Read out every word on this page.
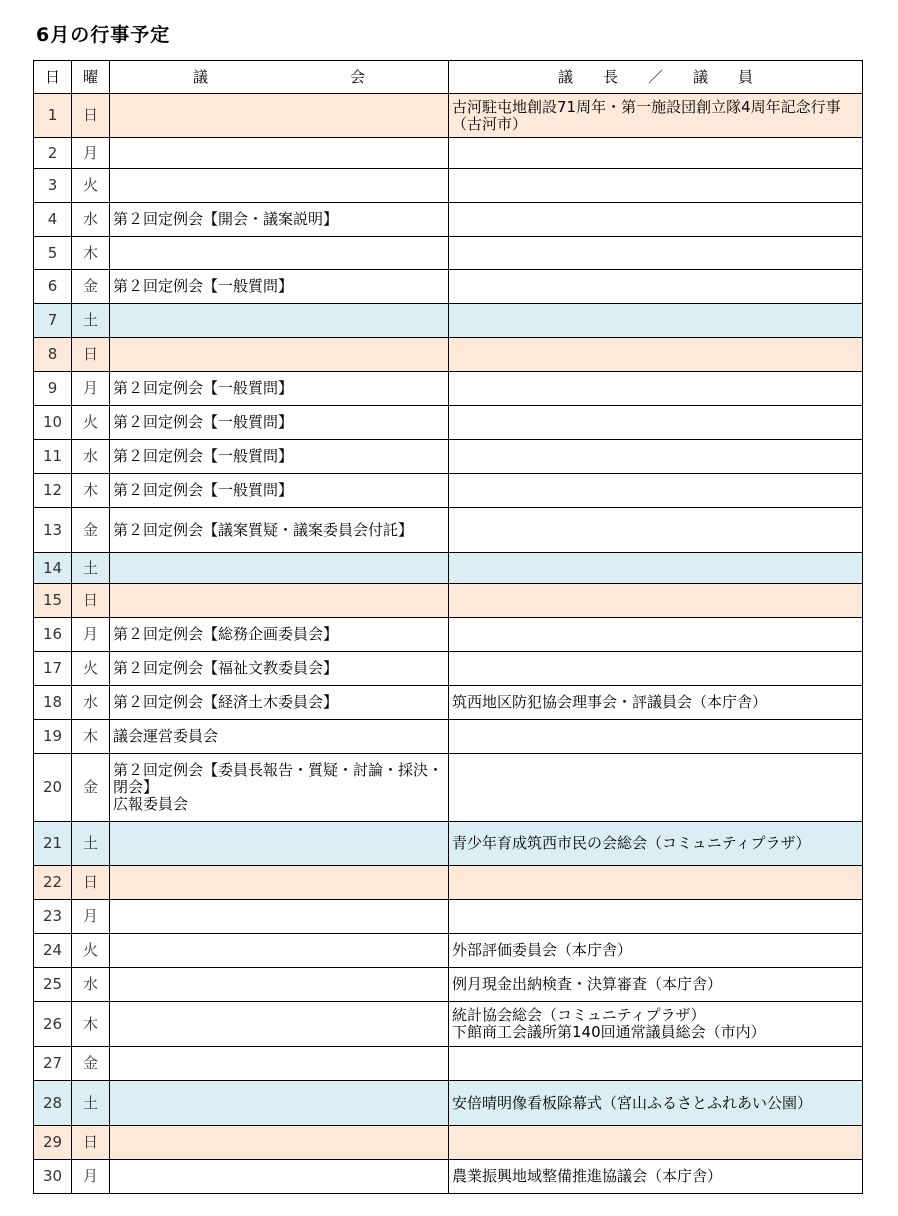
6月の行事予定
日	曜	議 会	議　　長　　／　　議　　員
1	日		古河駐屯地創設71周年・第一施設団創立隊4周年記念行事（古河市）
2	月		
3	火		
4	水	第２回定例会【開会・議案説明】	
5	木		
6	金	第２回定例会【一般質問】	
7	土		
8	日		
9	月	第２回定例会【一般質問】	
10	火	第２回定例会【一般質問】	
11	水	第２回定例会【一般質問】	
12	木	第２回定例会【一般質問】	
13	金	第２回定例会【議案質疑・議案委員会付託】	
14	土		
15	日		
16	月	第２回定例会【総務企画委員会】	
17	火	第２回定例会【福祉文教委員会】	
18	水	第２回定例会【経済土木委員会】	筑西地区防犯協会理事会・評議員会（本庁舎）
19	木	議会運営委員会	
20	金	第２回定例会【委員長報告・質疑・討論・採決・閉会】
広報委員会	
21	土		青少年育成筑西市民の会総会（コミュニティプラザ）
22	日		
23	月		
24	火		外部評価委員会（本庁舎）
25	水		例月現金出納検査・決算審査（本庁舎）
26	木		統計協会総会（コミュニティプラザ）
下館商工会議所第140回通常議員総会（市内）
27	金		
28	土		安倍晴明像看板除幕式（宮山ふるさとふれあい公園）
29	日		
30	月		農業振興地域整備推進協議会（本庁舎）
